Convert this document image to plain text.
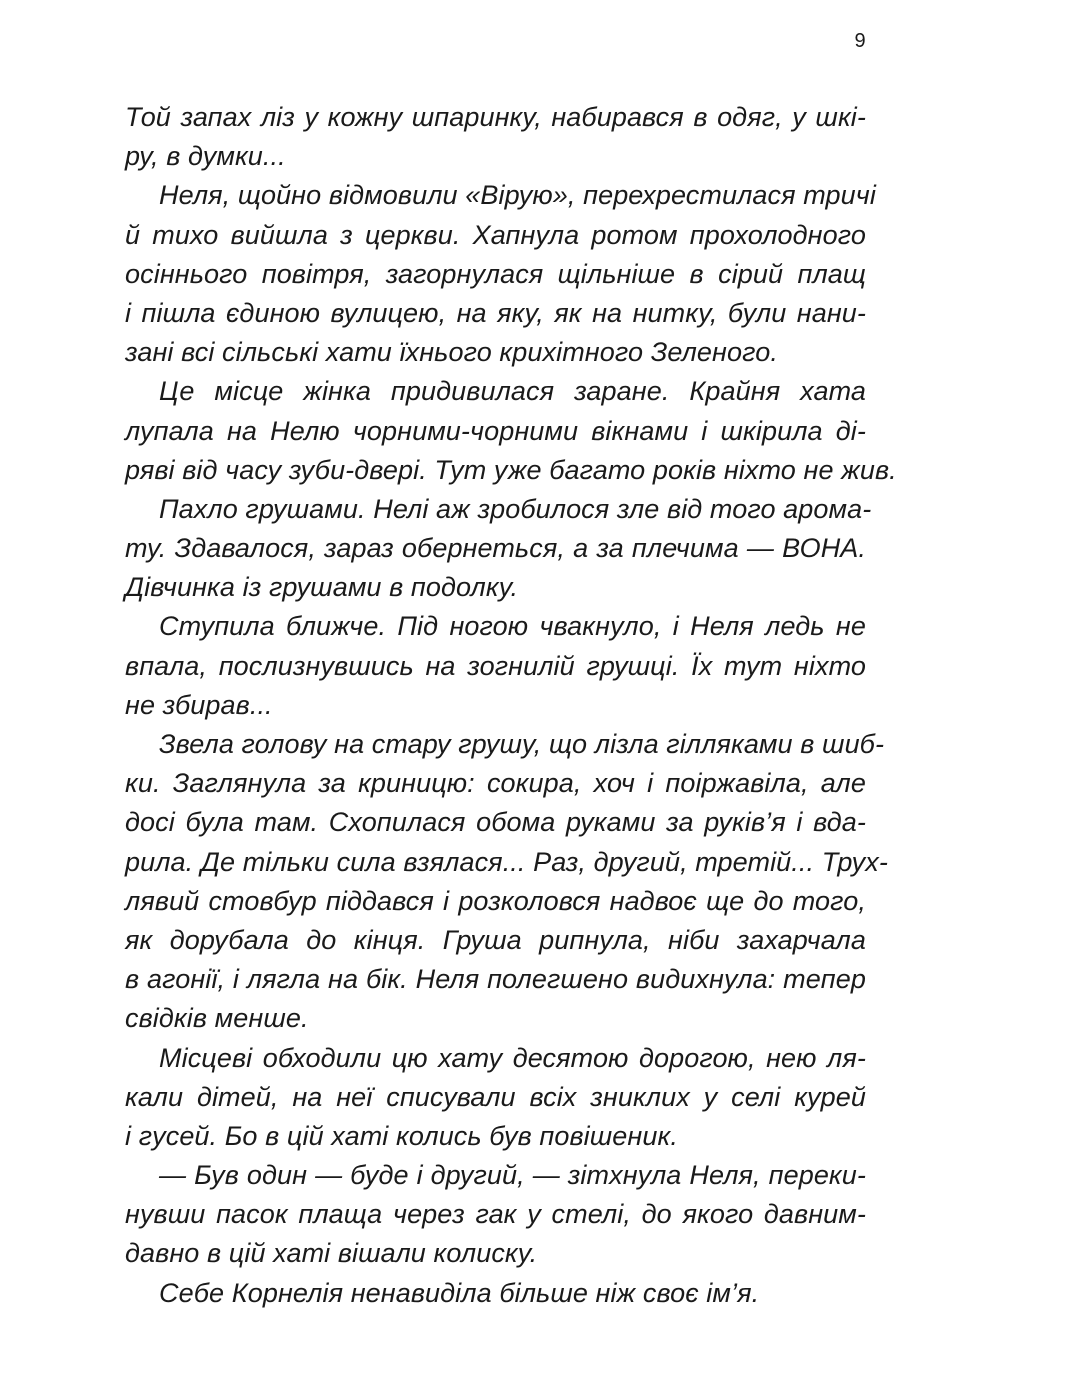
9
Той запах ліз у кожну шпаринку, набирався в одяг, у шкі-
ру, в думки...
Неля, щойно відмовили «Вірую», перехрестилася тричі
й тихо вийшла з церкви. Хапнула ротом прохолодного
осіннього повітря, загорнулася щільніше в сірий плащ
і пішла єдиною вулицею, на яку, як на нитку, були нани-
зані всі сільські хати їхнього крихітного Зеленого.
Це місце жінка придивилася заране. Крайня хата
лупала на Нелю чорними-чорними вікнами і шкірила ді-
ряві від часу зуби-двері. Тут уже багато років ніхто не жив.
Пахло грушами. Нелі аж зробилося зле від того арома-
ту. Здавалося, зараз обернеться, а за плечима — ВОНА.
Дівчинка із грушами в подолку.
Ступила ближче. Під ногою чвакнуло, і Неля ледь не
впала, послизнувшись на зогнилій грушці. Їх тут ніхто
не збирав...
Звела голову на стару грушу, що лізла гілляками в шиб-
ки. Заглянула за криницю: сокира, хоч і поіржавіла, але
досі була там. Схопилася обома руками за руків’я і вда-
рила. Де тільки сила взялася... Раз, другий, третій... Трух-
лявий стовбур піддався і розколовся надвоє ще до того,
як дорубала до кінця. Груша рипнула, ніби захарчала
в агонії, і лягла на бік. Неля полегшено видихнула: тепер
свідків менше.
Місцеві обходили цю хату десятою дорогою, нею ля-
кали дітей, на неї списували всіх зниклих у селі курей
і гусей. Бо в цій хаті колись був повішеник.
— Був один — буде і другий, — зітхнула Неля, переки-
нувши пасок плаща через гак у стелі, до якого давним-
давно в цій хаті вішали колиску.
Себе Корнелія ненавиділа більше ніж своє ім’я.
